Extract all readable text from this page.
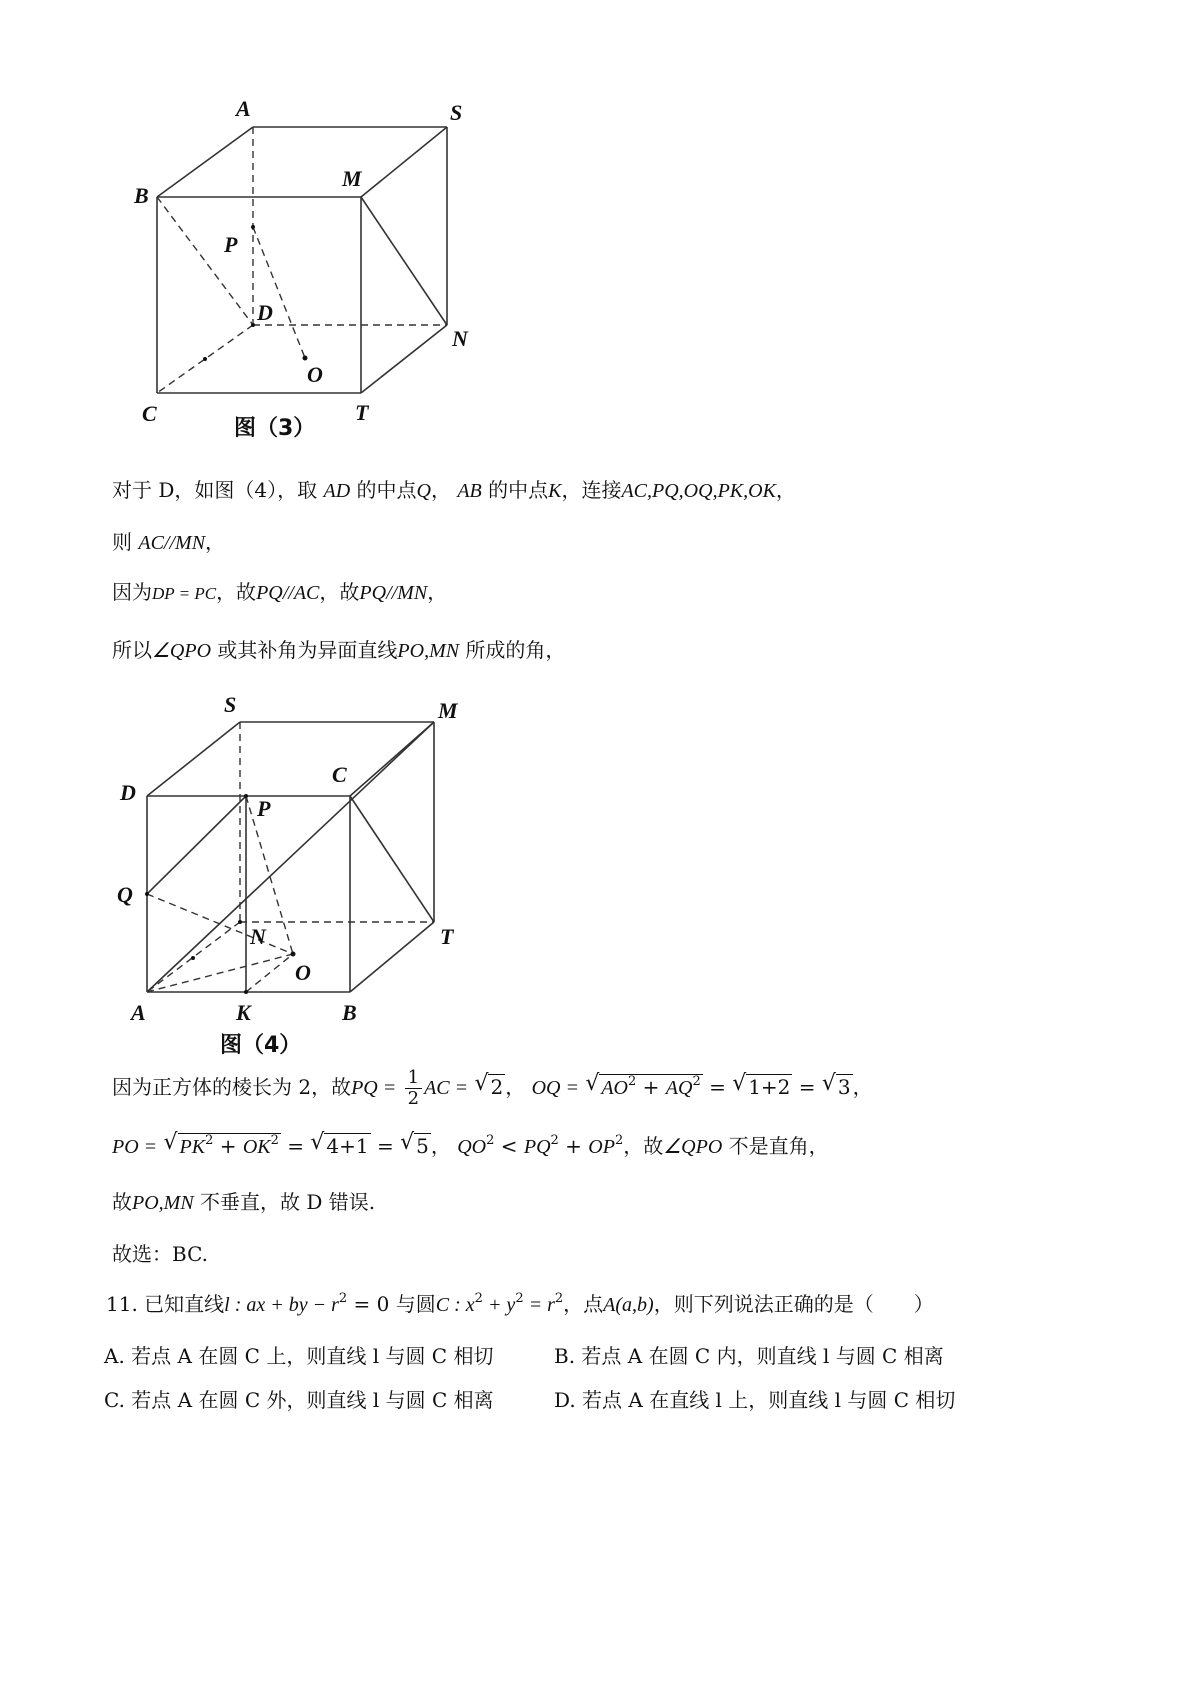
A	S
B
M
P
D
N
O
C	T
图（3）
对于 D，如图（4），取 AD 的中点Q， AB 的中点K，连接AC,PQ,OQ,PK,OK，
则 AC//MN，
因为DP = PC，故PQ//AC，故PQ//MN，
所以∠QPO 或其补角为异面直线PO,MN 所成的角，
S	M
D
C
P
Q
N	T
O
A	K	B
图（4）
因为正方体的棱长为 2，故PQ = $\frac{1}{2}$ AC = √ 2 ， OQ = √ $AO^2 + AQ^2$ = √ 1+2 = √ 3 ，
PO = √ $PK^2 + OK^2$ = √ 4+1 = √ 5 ， $QO^2 < PQ^2 + OP^2$，故∠QPO 不是直角，
故PO,MN 不垂直，故 D 错误.
故选：BC.
11. 已知直线l : ax + by − $r^2 = 0$ 与圆C : $x^2 + y^2 = r^2$，点A(a,b)，则下列说法正确的是（　　）
A. 若点 A 在圆 C 上，则直线 l 与圆 C 相切	B. 若点 A 在圆 C 内，则直线 l 与圆 C 相离
C. 若点 A 在圆 C 外，则直线 l 与圆 C 相离	D. 若点 A 在直线 l 上，则直线 l 与圆 C 相切
